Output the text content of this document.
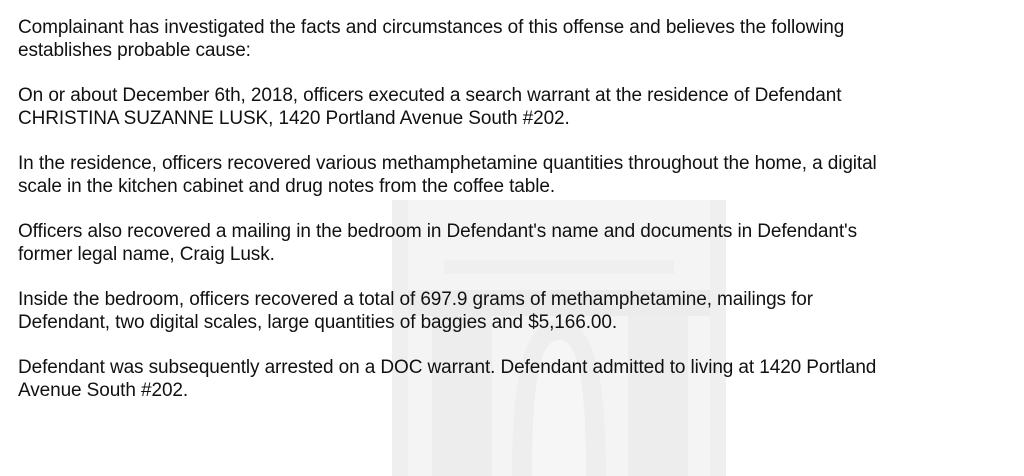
Complainant has investigated the facts and circumstances of this offense and believes the following
establishes probable cause:

On or about December 6th, 2018, officers executed a search warrant at the residence of Defendant
CHRISTINA SUZANNE LUSK, 1420 Portland Avenue South #202.

In the residence, officers recovered various methamphetamine quantities throughout the home, a digital
scale in the kitchen cabinet and drug notes from the coffee table.

Officers also recovered a mailing in the bedroom in Defendant's name and documents in Defendant's
former legal name, Craig Lusk.

Inside the bedroom, officers recovered a total of 697.9 grams of methamphetamine, mailings for
Defendant, two digital scales, large quantities of baggies and $5,166.00.

Defendant was subsequently arrested on a DOC warrant. Defendant admitted to living at 1420 Portland
Avenue South #202.
